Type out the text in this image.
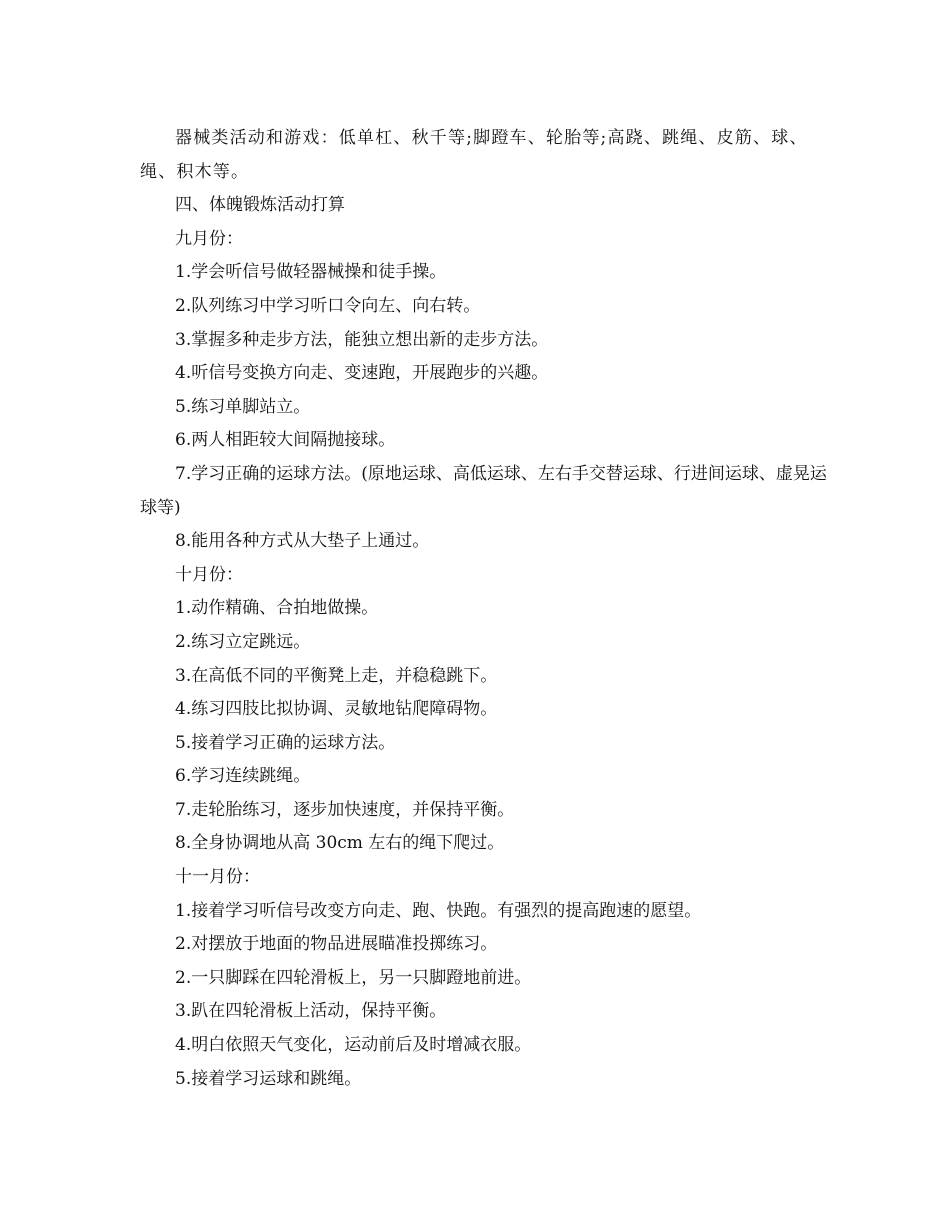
器械类活动和游戏：低单杠、秋千等;脚蹬车、轮胎等;高跷、跳绳、皮筋、球、绳、积木等。
四、体魄锻炼活动打算
九月份：
1.学会听信号做轻器械操和徒手操。
2.队列练习中学习听口令向左、向右转。
3.掌握多种走步方法，能独立想出新的走步方法。
4.听信号变换方向走、变速跑，开展跑步的兴趣。
5.练习单脚站立。
6.两人相距较大间隔抛接球。
7.学习正确的运球方法。(原地运球、高低运球、左右手交替运球、行进间运球、虚晃运球等)
8.能用各种方式从大垫子上通过。
十月份：
1.动作精确、合拍地做操。
2.练习立定跳远。
3.在高低不同的平衡凳上走，并稳稳跳下。
4.练习四肢比拟协调、灵敏地钻爬障碍物。
5.接着学习正确的运球方法。
6.学习连续跳绳。
7.走轮胎练习，逐步加快速度，并保持平衡。
8.全身协调地从高 30cm 左右的绳下爬过。
十一月份：
1.接着学习听信号改变方向走、跑、快跑。有强烈的提高跑速的愿望。
2.对摆放于地面的物品进展瞄准投掷练习。
2.一只脚踩在四轮滑板上，另一只脚蹬地前进。
3.趴在四轮滑板上活动，保持平衡。
4.明白依照天气变化，运动前后及时增减衣服。
5.接着学习运球和跳绳。
